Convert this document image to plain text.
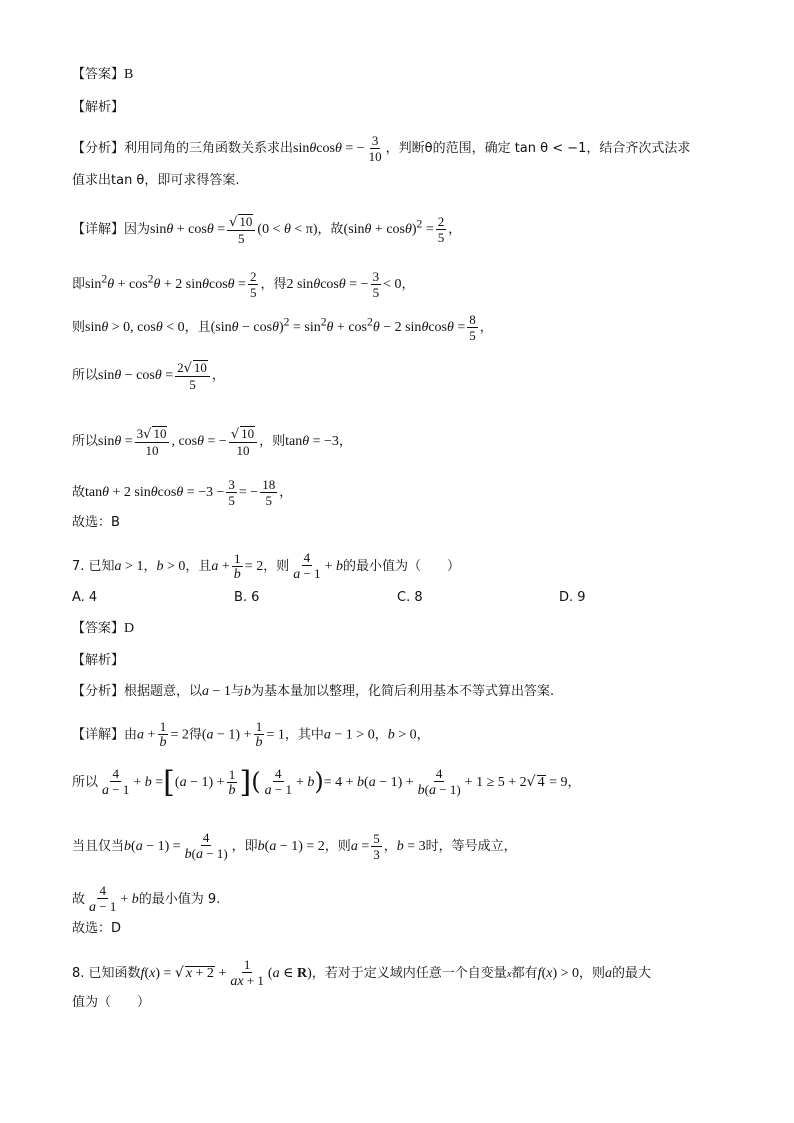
【答案】B
【解析】
【分析】利用同角的三角函数关系求出sinθcosθ = − $\frac{3}{10}$ ，判断θ的范围，确定 tan θ < −1，结合齐次式法求
值求出tan θ，即可求得答案.
【详解】因为$\sin\theta + \cos\theta = \frac{√ 10}{5} (0 < \theta < \pi)$，故$(\sin\theta + \cos\theta)^2 = \frac{2}{5}$ ，
即$\sin^2\theta + \cos^2\theta + 2$ $\sin\theta\cos\theta = \frac{2}{5}$ ，得2 sinθcosθ = − $\frac{3}{5} < 0$，
则sinθ > 0, cosθ < 0，且$(\sin\theta - \cos\theta)^2 = \sin^2\theta + \cos^2\theta - 2$ $\sin\theta\cos\theta = \frac{8}{5}$ ，
所以$\sin\theta - \cos\theta = \frac{2√ 10}{5}$ ，
所以$\sin\theta = \frac{3√ 10}{10}$ , cosθ = − $\frac{√ 10}{10}$ ，则tanθ = −3，
故tanθ + 2 $\sin\theta\cos\theta = -3 - \frac{3}{5}$ = − $\frac{18}{5}$ ，
故选：B
7. 已知a > 1，b > 0，且$a + \frac{1}{b} = 2$，则 $\frac{4}{a - 1} + b$的最小值为（　　）
A. 4	B. 6	C. 8	D. 9
【答案】D
【解析】
【分析】根据题意，以a − 1与b为基本量加以整理，化简后利用基本不等式算出答案.
【详解】由$a + \frac{1}{b} = 2$得$(a - 1) + \frac{1}{b} = 1$，其中a − 1 > 0，b > 0，
所以 $\frac{4}{a - 1} + b =[(a - 1) + \frac{1}{b}$ ]( $\frac{4}{a - 1} + b)= 4 + b(a - 1) + \frac{4}{b(a - 1)} + 1 \ge 5 + 2√$ 4 = 9，
当且仅当$b(a - 1) = \frac{4}{b(a - 1)}$ ，即b(a − 1) = 2，则$a = \frac{5}{3}$ ，b = 3时，等号成立，
故 $\frac{4}{a - 1} + b$的最小值为 9.
故选：D
8. 已知函数f(x) = √ $x + 2 + \frac{1}{ax + 1} (a$ ∈ R)，若对于定义域内任意一个自变量x都有f(x) > 0，则a的最大
值为（　　）
